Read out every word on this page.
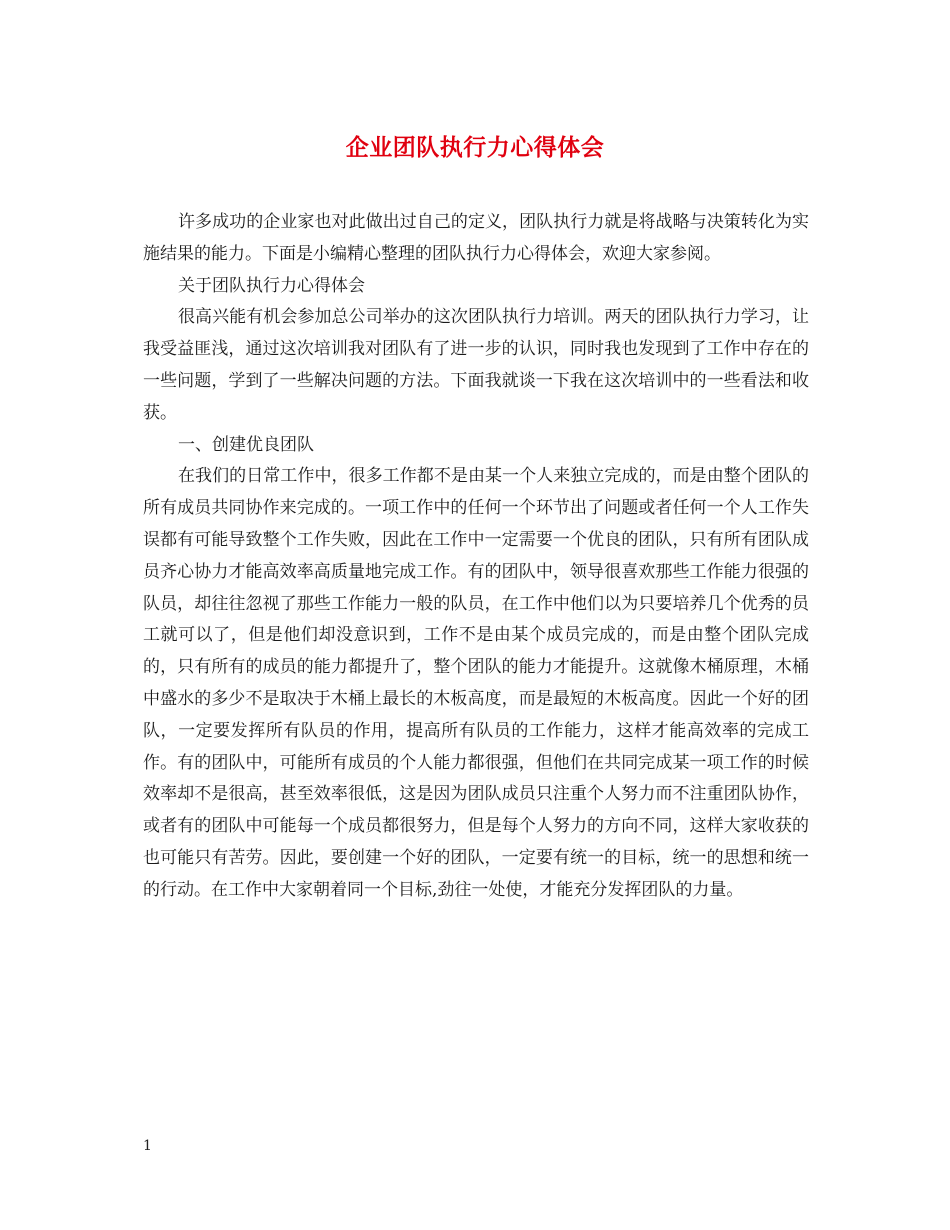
企业团队执行力心得体会

许多成功的企业家也对此做出过自己的定义，团队执行力就是将战略与决策转化为实施结果的能力。下面是小编精心整理的团队执行力心得体会，欢迎大家参阅。

关于团队执行力心得体会

很高兴能有机会参加总公司举办的这次团队执行力培训。两天的团队执行力学习，让我受益匪浅，通过这次培训我对团队有了进一步的认识，同时我也发现到了工作中存在的一些问题，学到了一些解决问题的方法。下面我就谈一下我在这次培训中的一些看法和收获。

一、创建优良团队

在我们的日常工作中，很多工作都不是由某一个人来独立完成的，而是由整个团队的所有成员共同协作来完成的。一项工作中的任何一个环节出了问题或者任何一个人工作失误都有可能导致整个工作失败，因此在工作中一定需要一个优良的团队，只有所有团队成员齐心协力才能高效率高质量地完成工作。有的团队中，领导很喜欢那些工作能力很强的队员，却往往忽视了那些工作能力一般的队员，在工作中他们以为只要培养几个优秀的员工就可以了，但是他们却没意识到，工作不是由某个成员完成的，而是由整个团队完成的，只有所有的成员的能力都提升了，整个团队的能力才能提升。这就像木桶原理，木桶中盛水的多少不是取决于木桶上最长的木板高度，而是最短的木板高度。因此一个好的团队，一定要发挥所有队员的作用，提高所有队员的工作能力，这样才能高效率的完成工作。有的团队中，可能所有成员的个人能力都很强，但他们在共同完成某一项工作的时候效率却不是很高，甚至效率很低，这是因为团队成员只注重个人努力而不注重团队协作，或者有的团队中可能每一个成员都很努力，但是每个人努力的方向不同，这样大家收获的也可能只有苦劳。因此，要创建一个好的团队，一定要有统一的目标，统一的思想和统一的行动。在工作中大家朝着同一个目标,劲往一处使，才能充分发挥团队的力量。

1
